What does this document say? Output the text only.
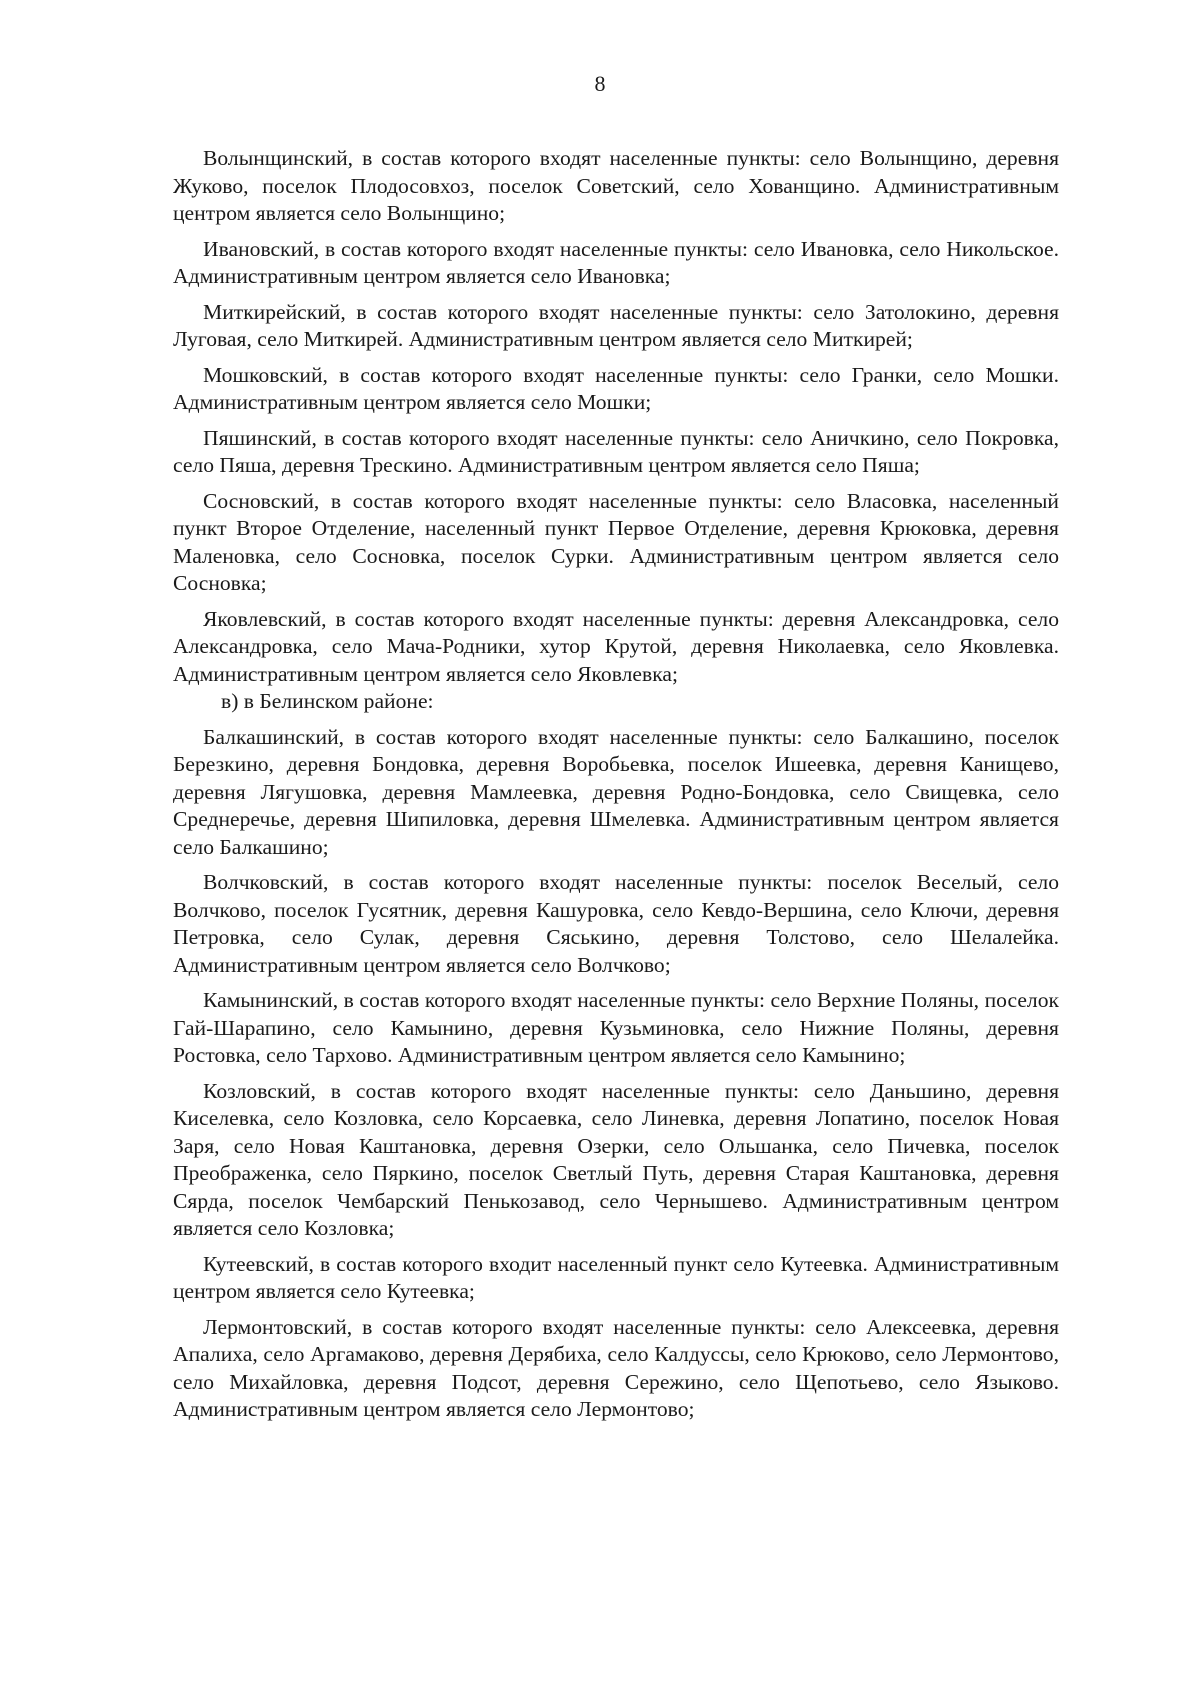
8

Волынщинский, в состав которого входят населенные пункты: село Волынщино, деревня Жуково, поселок Плодосовхоз, поселок Советский, село Хованщино. Административным центром является село Волынщино;

Ивановский, в состав которого входят населенные пункты: село Ивановка, село Никольское. Административным центром является село Ивановка;

Миткирейский, в состав которого входят населенные пункты: село Затолокино, деревня Луговая, село Миткирей. Административным центром является село Миткирей;

Мошковский, в состав которого входят населенные пункты: село Гранки, село Мошки. Административным центром является село Мошки;

Пяшинский, в состав которого входят населенные пункты: село Аничкино, село Покровка, село Пяша, деревня Трескино. Административным центром является село Пяша;

Сосновский, в состав которого входят населенные пункты: село Власовка, населенный пункт Второе Отделение, населенный пункт Первое Отделение, деревня Крюковка, деревня Маленовка, село Сосновка, поселок Сурки. Административным центром является село Сосновка;

Яковлевский, в состав которого входят населенные пункты: деревня Александровка, село Александровка, село Мача-Родники, хутор Крутой, деревня Николаевка, село Яковлевка. Административным центром является село Яковлевка;

в) в Белинском районе:

Балкашинский, в состав которого входят населенные пункты: село Балкашино, поселок Березкино, деревня Бондовка, деревня Воробьевка, поселок Ишеевка, деревня Канищево, деревня Лягушовка, деревня Мамлеевка, деревня Родно-Бондовка, село Свищевка, село Среднеречье, деревня Шипиловка, деревня Шмелевка. Административным центром является село Балкашино;

Волчковский, в состав которого входят населенные пункты: поселок Веселый, село Волчково, поселок Гусятник, деревня Кашуровка, село Кевдо-Вершина, село Ключи, деревня Петровка, село Сулак, деревня Сяськино, деревня Толстово, село Шелалейка. Административным центром является село Волчково;

Камынинский, в состав которого входят населенные пункты: село Верхние Поляны, поселок Гай-Шарапино, село Камынино, деревня Кузьминовка, село Нижние Поляны, деревня Ростовка, село Тархово. Административным центром является село Камынино;

Козловский, в состав которого входят населенные пункты: село Даньшино, деревня Киселевка, село Козловка, село Корсаевка, село Линевка, деревня Лопатино, поселок Новая Заря, село Новая Каштановка, деревня Озерки, село Ольшанка, село Пичевка, поселок Преображенка, село Пяркино, поселок Светлый Путь, деревня Старая Каштановка, деревня Сярда, поселок Чембарский Пенькозавод, село Чернышево. Административным центром является село Козловка;

Кутеевский, в состав которого входит населенный пункт село Кутеевка. Административным центром является село Кутеевка;

Лермонтовский, в состав которого входят населенные пункты: село Алексеевка, деревня Апалиха, село Аргамаково, деревня Дерябиха, село Калдуссы, село Крюково, село Лермонтово, село Михайловка, деревня Подсот, деревня Сережино, село Щепотьево, село Языково. Административным центром является село Лермонтово;
